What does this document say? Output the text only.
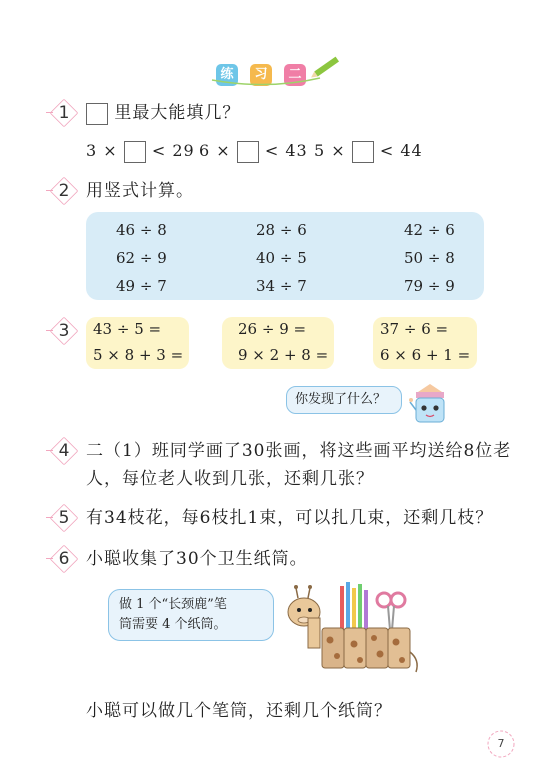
练	习	二
1	里最大能填几？
3 × < 29 6 × < 43 5 × < 44
2 用竖式计算。
46 ÷ 8	28 ÷ 6	42 ÷ 6
62 ÷ 9	40 ÷ 5	50 ÷ 8
49 ÷ 7	34 ÷ 7	79 ÷ 9
3	43 ÷ 5 =
5 × 8 + 3 =
26 ÷ 9 =
9 × 2 + 8 =
37 ÷ 6 =
6 × 6 + 1 =
你发现了什么？
4 二（1）班同学画了30张画，将这些画平均送给8位老
人，每位老人收到几张，还剩几张？
5 有34枝花，每6枝扎1束，可以扎几束，还剩几枝？
6 小聪收集了30个卫生纸筒。
做 1 个“长颈鹿”笔
筒需要 4 个纸筒。
小聪可以做几个笔筒，还剩几个纸筒？
7
